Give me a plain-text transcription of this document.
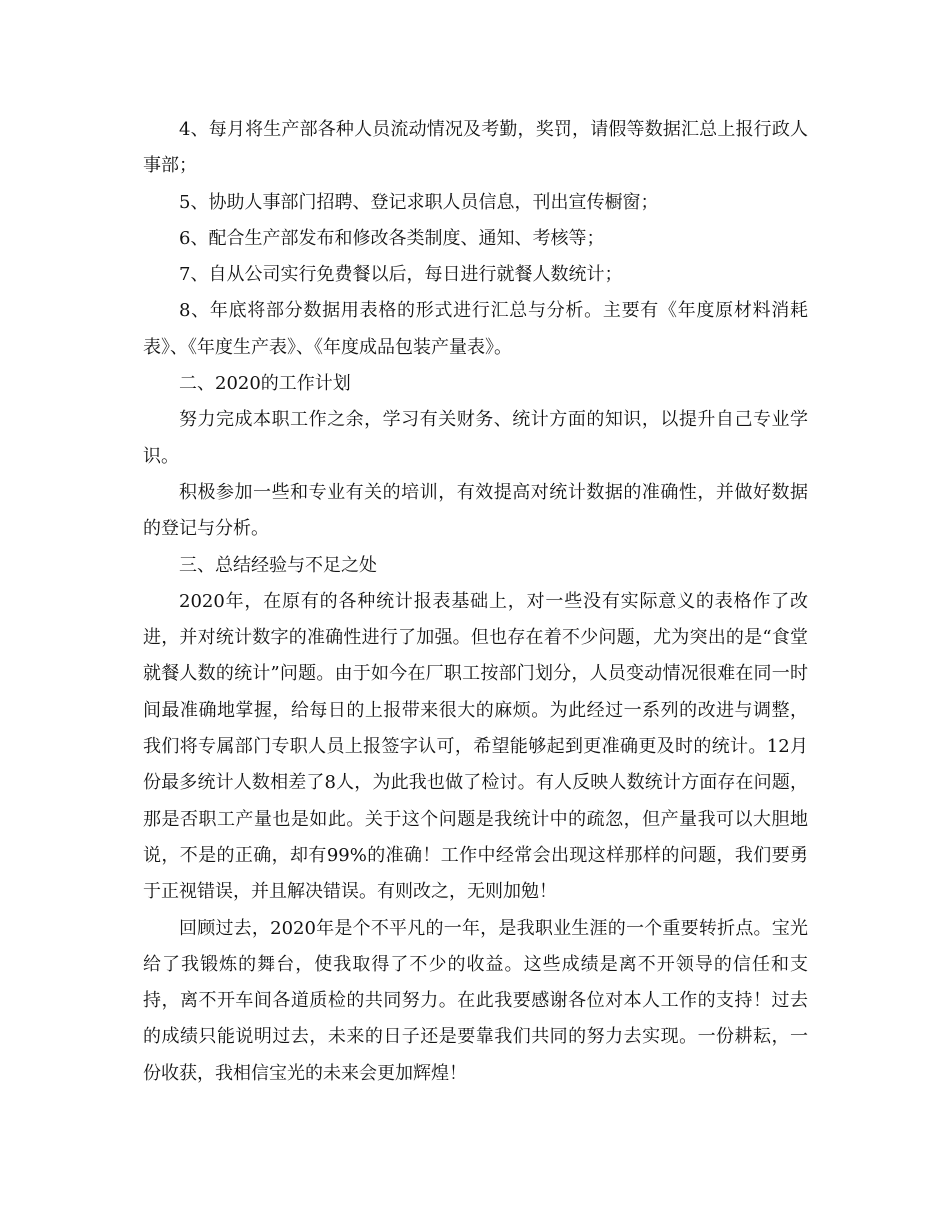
4、每月将生产部各种人员流动情况及考勤，奖罚，请假等数据汇总上报行政人事部；

5、协助人事部门招聘、登记求职人员信息，刊出宣传橱窗；

6、配合生产部发布和修改各类制度、通知、考核等；

7、自从公司实行免费餐以后，每日进行就餐人数统计；

8、年底将部分数据用表格的形式进行汇总与分析。主要有《年度原材料消耗表》、《年度生产表》、《年度成品包装产量表》。

二、2020的工作计划

努力完成本职工作之余，学习有关财务、统计方面的知识，以提升自己专业学识。

积极参加一些和专业有关的培训，有效提高对统计数据的准确性，并做好数据的登记与分析。

三、总结经验与不足之处

2020年，在原有的各种统计报表基础上，对一些没有实际意义的表格作了改进，并对统计数字的准确性进行了加强。但也存在着不少问题，尤为突出的是“食堂就餐人数的统计”问题。由于如今在厂职工按部门划分，人员变动情况很难在同一时间最准确地掌握，给每日的上报带来很大的麻烦。为此经过一系列的改进与调整，我们将专属部门专职人员上报签字认可，希望能够起到更准确更及时的统计。12月份最多统计人数相差了8人，为此我也做了检讨。有人反映人数统计方面存在问题，那是否职工产量也是如此。关于这个问题是我统计中的疏忽，但产量我可以大胆地说，不是的正确，却有99%的准确！工作中经常会出现这样那样的问题，我们要勇于正视错误，并且解决错误。有则改之，无则加勉！

回顾过去，2020年是个不平凡的一年，是我职业生涯的一个重要转折点。宝光给了我锻炼的舞台，使我取得了不少的收益。这些成绩是离不开领导的信任和支持，离不开车间各道质检的共同努力。在此我要感谢各位对本人工作的支持！过去的成绩只能说明过去，未来的日子还是要靠我们共同的努力去实现。一份耕耘，一份收获，我相信宝光的未来会更加辉煌！
